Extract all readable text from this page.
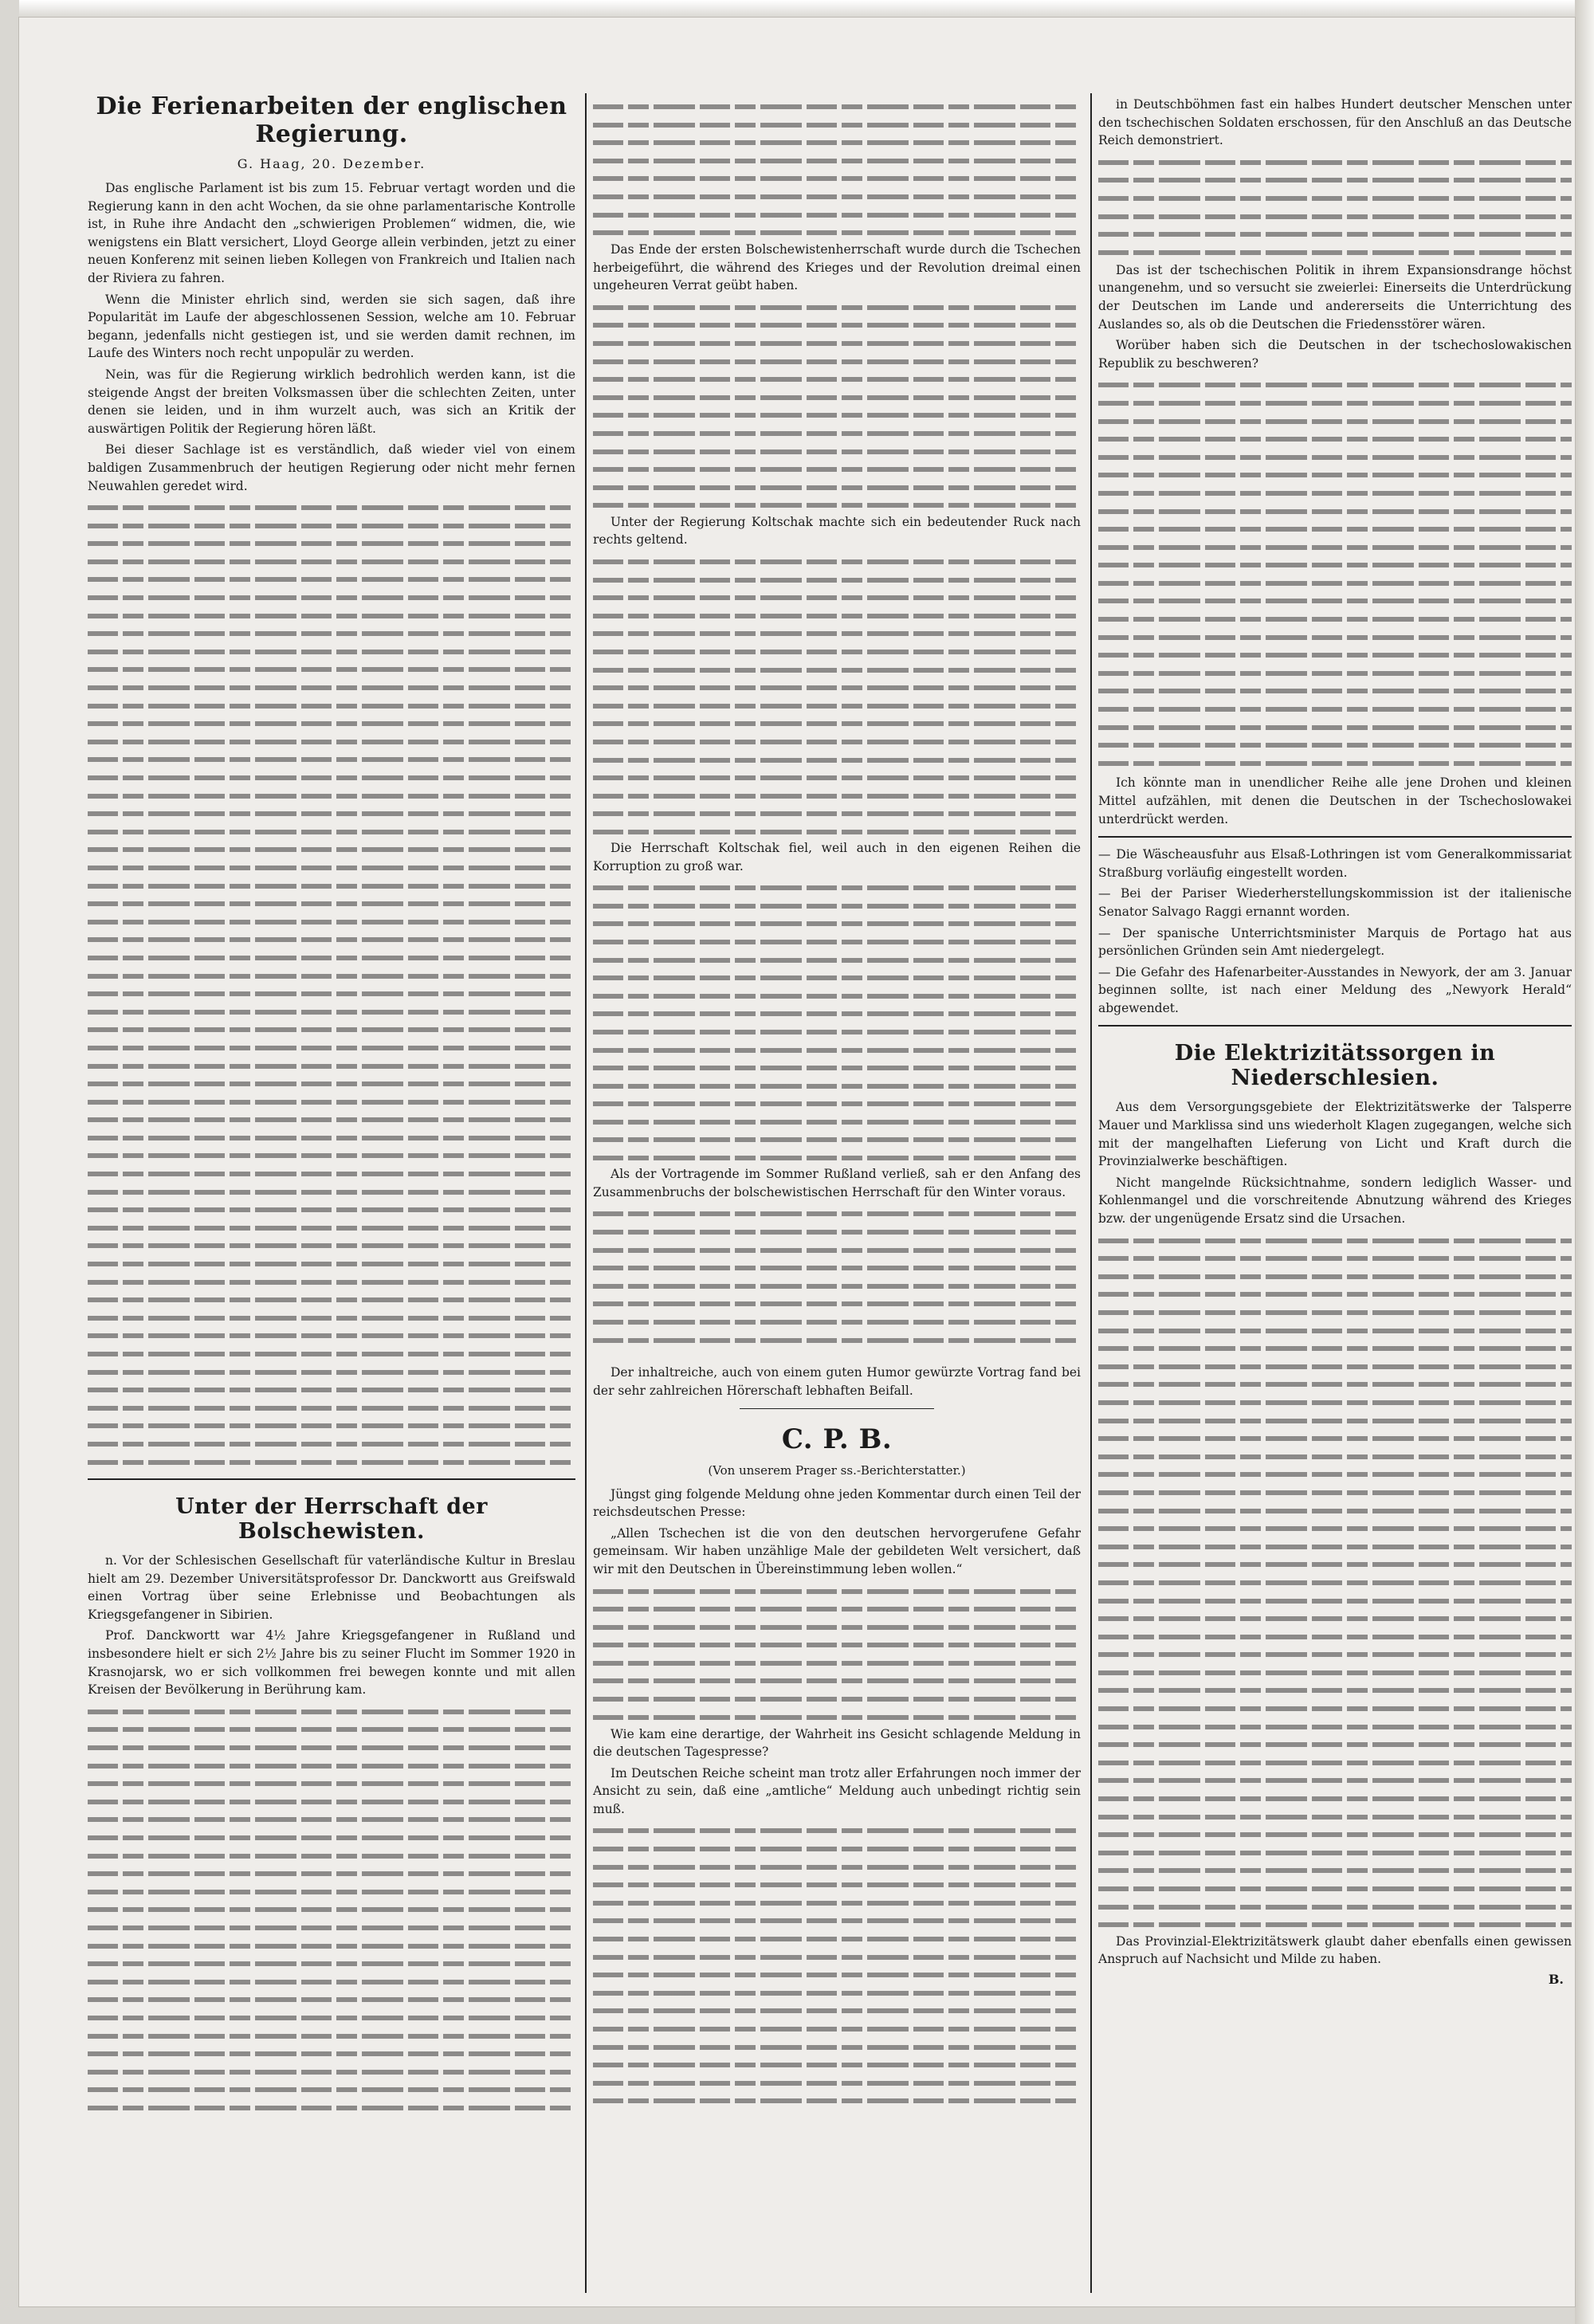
Die Ferienarbeiten der englischen Regierung.
G. Haag, 20. Dezember.

Das englische Parlament ist bis zum 15. Februar vertagt worden und die Regierung kann in den acht Wochen, da sie ohne parlamentarische Kontrolle ist, in Ruhe ihre Andacht den „schwierigen Problemen“ widmen, die, wie wenigstens ein Blatt versichert, Lloyd George allein verbinden, jetzt zu einer neuen Konferenz mit seinen lieben Kollegen von Frankreich und Italien nach der Riviera zu fahren.

Wenn die Minister ehrlich sind, werden sie sich sagen, daß ihre Popularität im Laufe der abgeschlossenen Session, welche am 10. Februar begann, jedenfalls nicht gestiegen ist, und sie werden damit rechnen, im Laufe des Winters noch recht unpopulär zu werden.

Nein, was für die Regierung wirklich bedrohlich werden kann, ist die steigende Angst der breiten Volksmassen über die schlechten Zeiten, unter denen sie leiden, und in ihm wurzelt auch, was sich an Kritik der auswärtigen Politik der Regierung hören läßt.

Bei dieser Sachlage ist es verständlich, daß wieder viel von einem baldigen Zusammenbruch der heutigen Regierung oder nicht mehr fernen Neuwahlen geredet wird.

Unter der Herrschaft der Bolschewisten.

n. Vor der Schlesischen Gesellschaft für vaterländische Kultur in Breslau hielt am 29. Dezember Universitätsprofessor Dr. Danckwortt aus Greifswald einen Vortrag über seine Erlebnisse und Beobachtungen als Kriegsgefangener in Sibirien.

Prof. Danckwortt war 4½ Jahre Kriegsgefangener in Rußland und insbesondere hielt er sich 2½ Jahre bis zu seiner Flucht im Sommer 1920 in Krasnojarsk, wo er sich vollkommen frei bewegen konnte und mit allen Kreisen der Bevölkerung in Berührung kam.

Das Ende der ersten Bolschewistenherrschaft wurde durch die Tschechen herbeigeführt, die während des Krieges und der Revolution dreimal einen ungeheuren Verrat geübt haben.

Unter der Regierung Koltschak machte sich ein bedeutender Ruck nach rechts geltend.

Die Herrschaft Koltschak fiel, weil auch in den eigenen Reihen die Korruption zu groß war.

Als der Vortragende im Sommer Rußland verließ, sah er den Anfang des Zusammenbruchs der bolschewistischen Herrschaft für den Winter voraus.

Der inhaltreiche, auch von einem guten Humor gewürzte Vortrag fand bei der sehr zahlreichen Hörerschaft lebhaften Beifall.

C. P. B.
(Von unserem Prager ss.-Berichterstatter.)

Jüngst ging folgende Meldung ohne jeden Kommentar durch einen Teil der reichsdeutschen Presse:

„Allen Tschechen ist die von den deutschen hervorgerufene Gefahr gemeinsam. Wir haben unzählige Male der gebildeten Welt versichert, daß wir mit den Deutschen in Übereinstimmung leben wollen.“

Wie kam eine derartige, der Wahrheit ins Gesicht schlagende Meldung in die deutschen Tagespresse?

Im Deutschen Reiche scheint man trotz aller Erfahrungen noch immer der Ansicht zu sein, daß eine „amtliche“ Meldung auch unbedingt richtig sein muß.

in Deutschböhmen fast ein halbes Hundert deutscher Menschen unter den tschechischen Soldaten erschossen, für den Anschluß an das Deutsche Reich demonstriert.

Das ist der tschechischen Politik in ihrem Expansionsdrange höchst unangenehm, und so versucht sie zweierlei: Einerseits die Unterdrückung der Deutschen im Lande und andererseits die Unterrichtung des Auslandes so, als ob die Deutschen die Friedensstörer wären.

Worüber haben sich die Deutschen in der tschechoslowakischen Republik zu beschweren?

Ich könnte man in unendlicher Reihe alle jene Drohen und kleinen Mittel aufzählen, mit denen die Deutschen in der Tschechoslowakei unterdrückt werden.

— Die Wäscheausfuhr aus Elsaß-Lothringen ist vom Generalkommissariat Straßburg vorläufig eingestellt worden.

— Bei der Pariser Wiederherstellungskommission ist der italienische Senator Salvago Raggi ernannt worden.

— Der spanische Unterrichtsminister Marquis de Portago hat aus persönlichen Gründen sein Amt niedergelegt.

— Die Gefahr des Hafenarbeiter-Ausstandes in Newyork, der am 3. Januar beginnen sollte, ist nach einer Meldung des „Newyork Herald“ abgewendet.

Die Elektrizitätssorgen in Niederschlesien.

Aus dem Versorgungsgebiete der Elektrizitätswerke der Talsperre Mauer und Marklissa sind uns wiederholt Klagen zugegangen, welche sich mit der mangelhaften Lieferung von Licht und Kraft durch die Provinzialwerke beschäftigen.

Nicht mangelnde Rücksichtnahme, sondern lediglich Wasser- und Kohlenmangel und die vorschreitende Abnutzung während des Krieges bzw. der ungenügende Ersatz sind die Ursachen.

Das Provinzial-Elektrizitätswerk glaubt daher ebenfalls einen gewissen Anspruch auf Nachsicht und Milde zu haben.

B.
